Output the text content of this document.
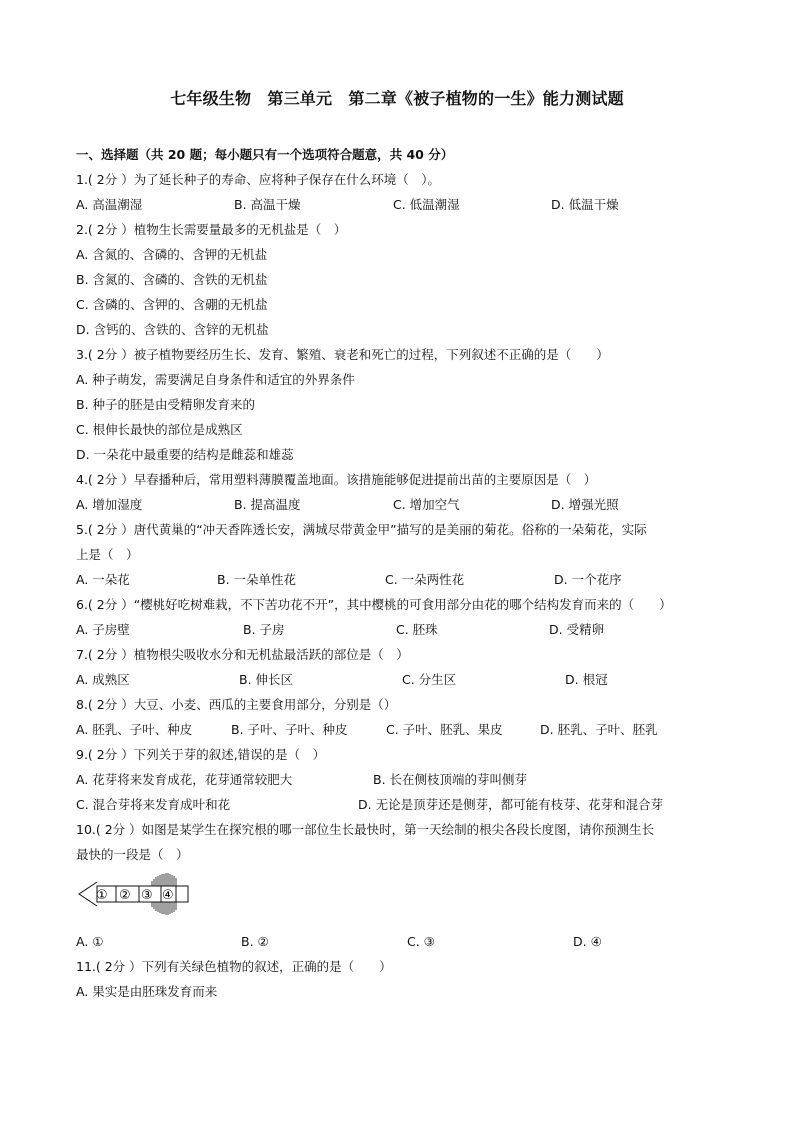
七年级生物　第三单元　第二章《被子植物的一生》能力测试题
一、选择题（共 20 题；每小题只有一个选项符合题意，共 40 分）
1.( 2分 ）为了延长种子的寿命、应将种子保存在什么环境（　）。
A. 高温潮湿	B. 高温干燥	C. 低温潮湿	D. 低温干燥
2.( 2分 ）植物生长需要量最多的无机盐是（　）
A. 含氮的、含磷的、含钾的无机盐
B. 含氮的、含磷的、含铁的无机盐
C. 含磷的、含钾的、含硼的无机盐
D. 含钙的、含铁的、含锌的无机盐
3.( 2分 ）被子植物要经历生长、发育、繁殖、衰老和死亡的过程，下列叙述不正确的是（　　）
A. 种子萌发，需要满足自身条件和适宜的外界条件
B. 种子的胚是由受精卵发育来的
C. 根伸长最快的部位是成熟区
D. 一朵花中最重要的结构是雌蕊和雄蕊
4.( 2分 ）早春播种后，常用塑料薄膜覆盖地面。该措施能够促进提前出苗的主要原因是（　）
A. 增加湿度	B. 提高温度	C. 增加空气	D. 增强光照
5.( 2分 ）唐代黄巢的“冲天香阵透长安，满城尽带黄金甲”描写的是美丽的菊花。俗称的一朵菊花，实际
上是（　）
A. 一朵花	B. 一朵单性花	C. 一朵两性花	D. 一个花序
6.( 2分 ）“樱桃好吃树难栽，不下苦功花不开”，其中樱桃的可食用部分由花的哪个结构发育而来的（　　）
A. 子房壁	B. 子房	C. 胚珠	D. 受精卵
7.( 2分 ）植物根尖吸收水分和无机盐最活跃的部位是（　）
A. 成熟区	B. 伸长区	C. 分生区	D. 根冠
8.( 2分 ）大豆、小麦、西瓜的主要食用部分，分别是（）
A. 胚乳、子叶、种皮	B. 子叶、子叶、种皮	C. 子叶、胚乳、果皮	D. 胚乳、子叶、胚乳
9.( 2分 ）下列关于芽的叙述,错误的是（　）
A. 花芽将来发育成花，花芽通常较肥大	B. 长在侧枝顶端的芽叫侧芽
C. 混合芽将来发育成叶和花	D. 无论是顶芽还是侧芽，都可能有枝芽、花芽和混合芽
10.( 2分 ）如图是某学生在探究根的哪一部位生长最快时，第一天绘制的根尖各段长度图，请你预测生长
最快的一段是（　）
① ② ③ ④
A. ①	B. ②	C. ③	D. ④
11.( 2分 ）下列有关绿色植物的叙述，正确的是（　　）
A. 果实是由胚珠发育而来
